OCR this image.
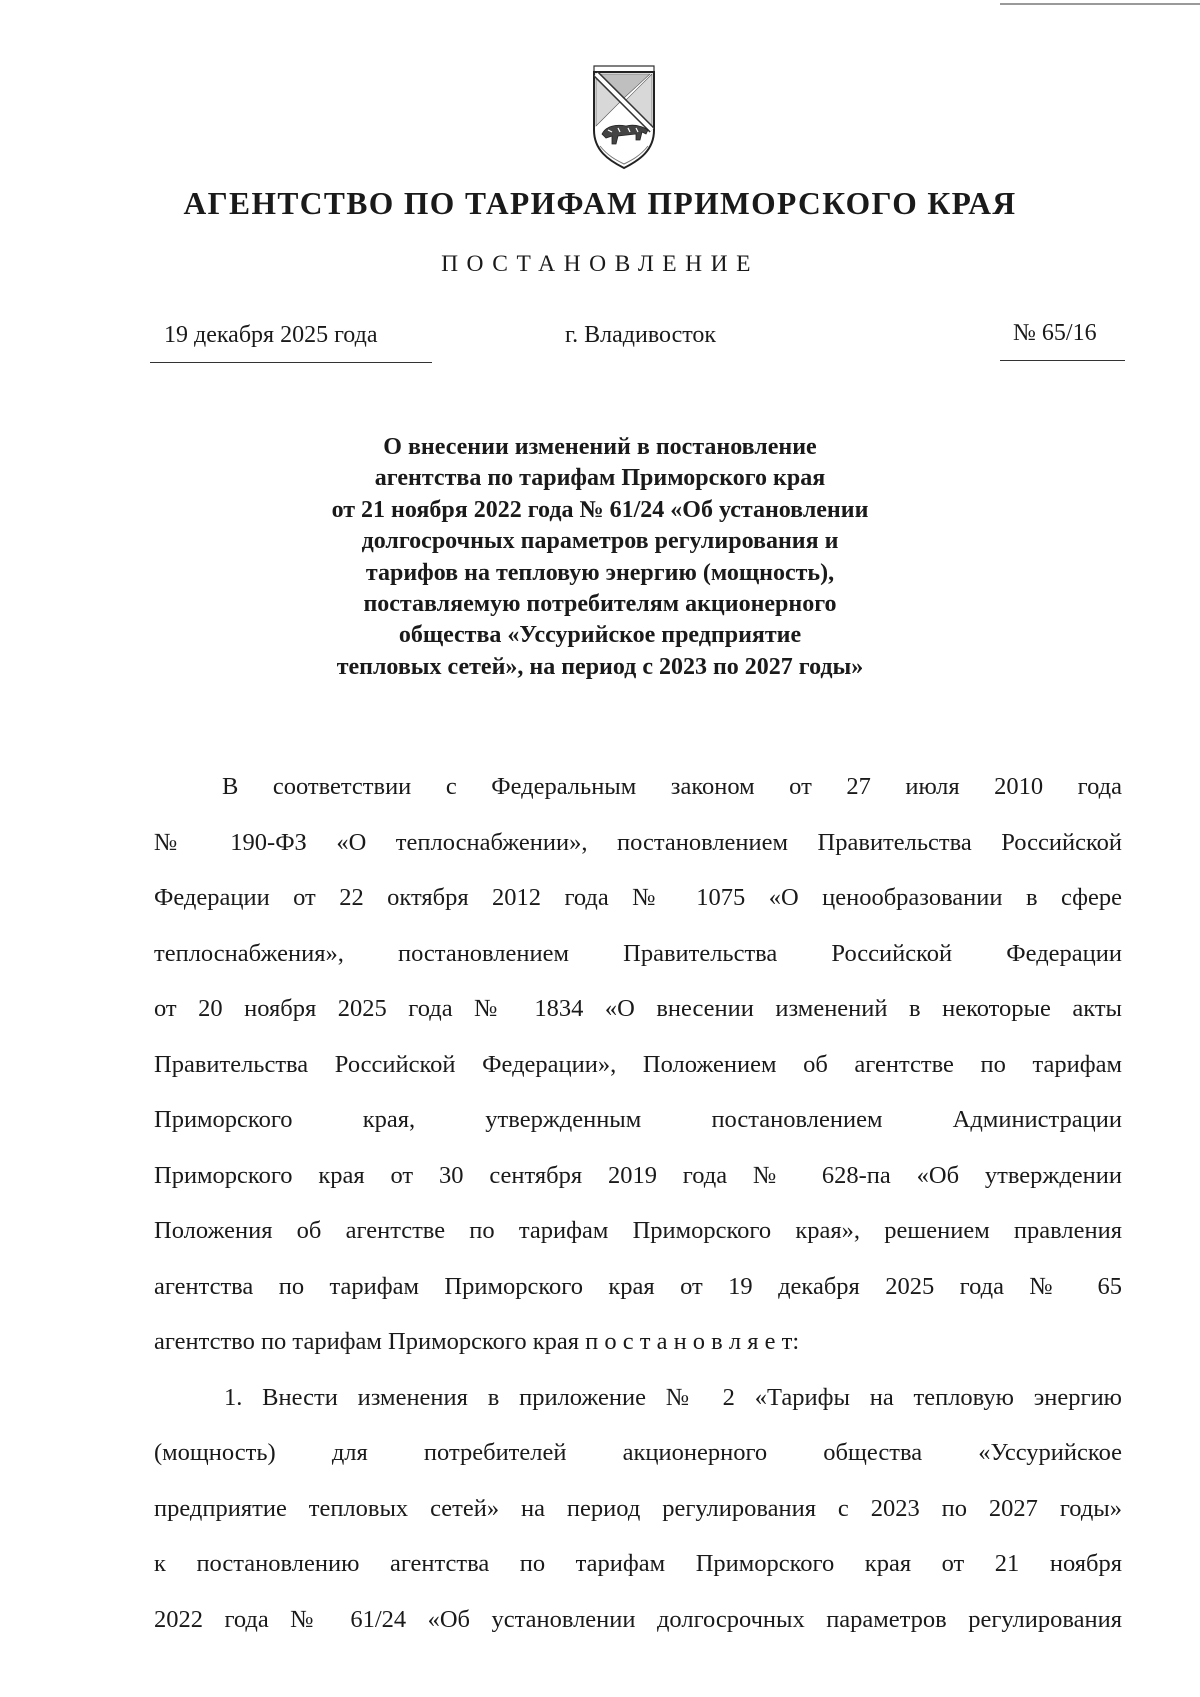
АГЕНТСТВО ПО ТАРИФАМ ПРИМОРСКОГО КРАЯ
ПОСТАНОВЛЕНИЕ
19 декабря 2025 года	г. Владивосток	№ 65/16
О внесении изменений в постановление
агентства по тарифам Приморского края
от 21 ноября 2022 года № 61/24 «Об установлении
долгосрочных параметров регулирования и
тарифов на тепловую энергию (мощность),
поставляемую потребителям акционерного
общества «Уссурийское предприятие
тепловых сетей», на период с 2023 по 2027 годы»
В соответствии с Федеральным законом от 27 июля 2010 года
№ 190-ФЗ «О теплоснабжении», постановлением Правительства Российской
Федерации от 22 октября 2012 года № 1075 «О ценообразовании в сфере
теплоснабжения», постановлением Правительства Российской Федерации
от 20 ноября 2025 года № 1834 «О внесении изменений в некоторые акты
Правительства Российской Федерации», Положением об агентстве по тарифам
Приморского края, утвержденным постановлением Администрации
Приморского края от 30 сентября 2019 года № 628-па «Об утверждении
Положения об агентстве по тарифам Приморского края», решением правления
агентства по тарифам Приморского края от 19 декабря 2025 года № 65
агентство по тарифам Приморского края п о с т а н о в л я е т:
1. Внести изменения в приложение № 2 «Тарифы на тепловую энергию
(мощность) для потребителей акционерного общества «Уссурийское
предприятие тепловых сетей» на период регулирования с 2023 по 2027 годы»
к постановлению агентства по тарифам Приморского края от 21 ноября
2022 года № 61/24 «Об установлении долгосрочных параметров регулирования
